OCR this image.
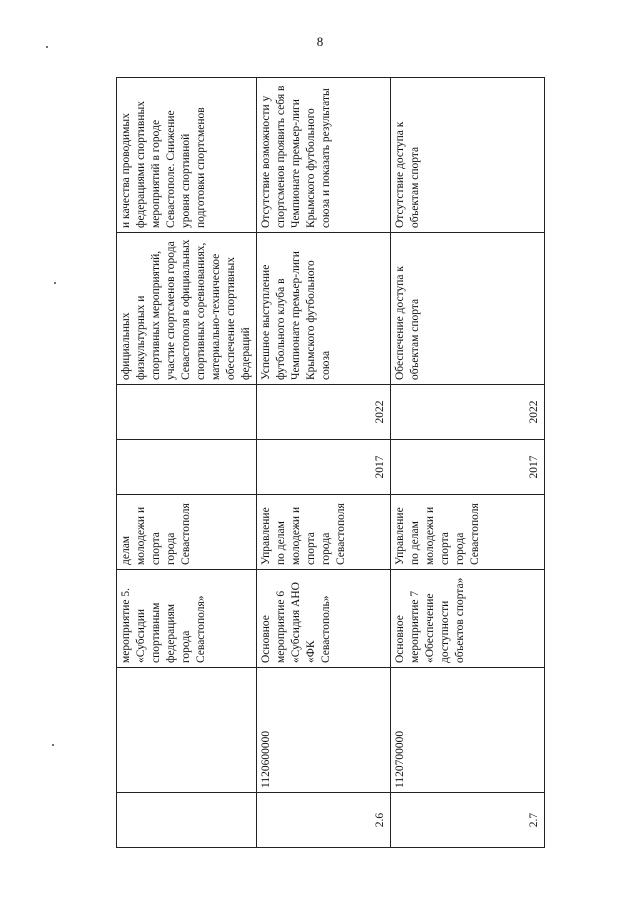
8
		мероприятие 5. «Субсидии спортивным федерациям города Севастополя»	делам молодежи и спорта города Севастополя			официальных физкультурных и спортивных мероприятий, участие спортсменов города Севастополя в официальных спортивных соревнованиях, материально-техническое обеспечение спортивных федераций	и качества проводимых федерациями спортивных мероприятий в городе Севастополе. Снижение уровня спортивной подготовки спортсменов
2.6	1120600000	Основное мероприятие 6 «Субсидия АНО «ФК Севастополь»	Управление по делам молодежи и спорта города Севастополя	2017	2022	Успешное выступление футбольного клуба в Чемпионате премьер-лиги Крымского футбольного союза	Отсутствие возможности у спортсменов проявить себя в Чемпионате премьер-лиги Крымского футбольного союза и показать результаты
2.7	1120700000	Основное мероприятие 7 «Обеспечение доступности объектов спорта»	Управление по делам молодежи и спорта города Севастополя	2017	2022	Обеспечение доступа к объектам спорта	Отсутствие доступа к объектам спорта
